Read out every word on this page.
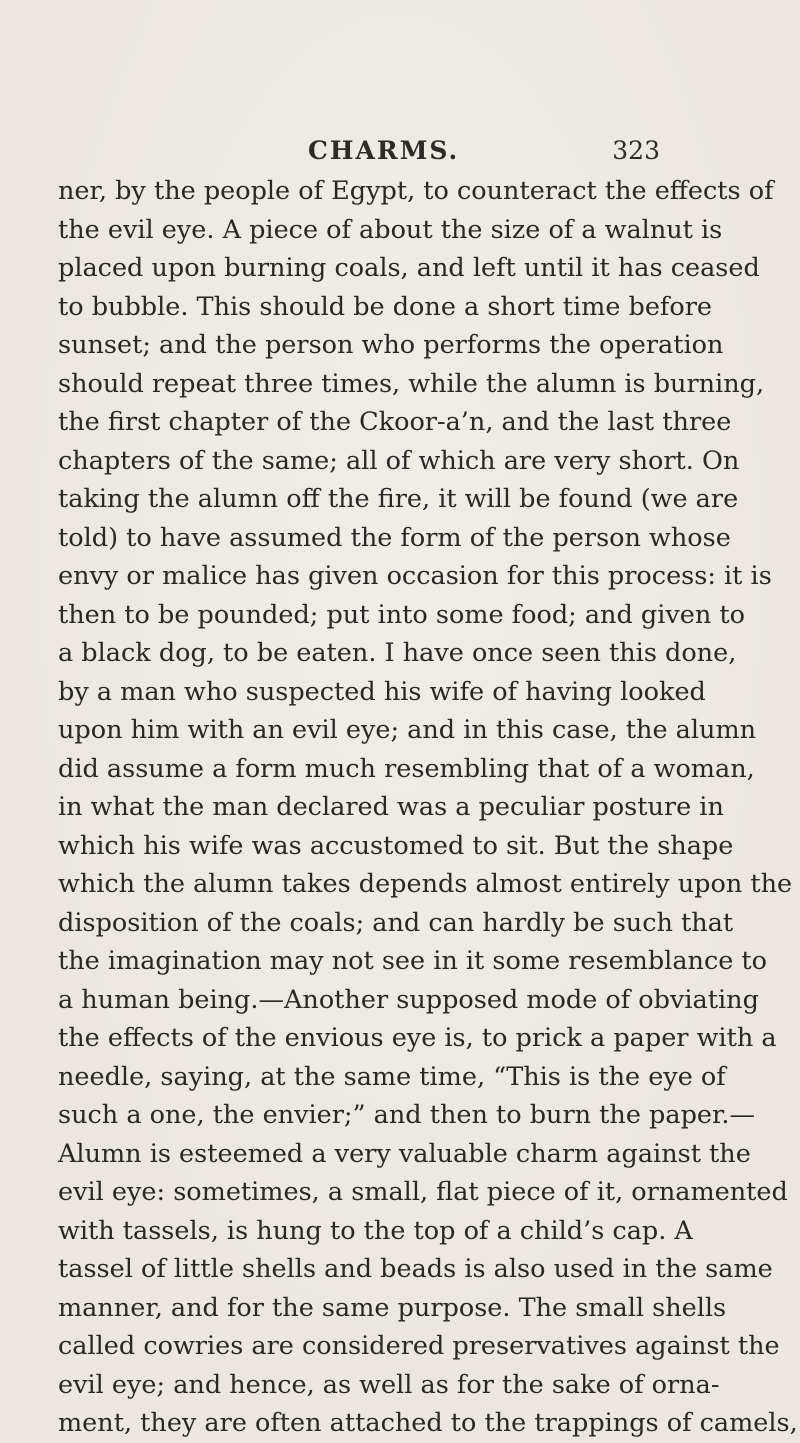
CHARMS.	323
ner, by the people of Egypt, to counteract the effects of
the evil eye. A piece of about the size of a walnut is
placed upon burning coals, and left until it has ceased
to bubble. This should be done a short time before
sunset; and the person who performs the operation
should repeat three times, while the alumn is burning,
the first chapter of the Ckoor-a’n, and the last three
chapters of the same; all of which are very short. On
taking the alumn off the fire, it will be found (we are
told) to have assumed the form of the person whose
envy or malice has given occasion for this process: it is
then to be pounded; put into some food; and given to
a black dog, to be eaten. I have once seen this done,
by a man who suspected his wife of having looked
upon him with an evil eye; and in this case, the alumn
did assume a form much resembling that of a woman,
in what the man declared was a peculiar posture in
which his wife was accustomed to sit. But the shape
which the alumn takes depends almost entirely upon the
disposition of the coals; and can hardly be such that
the imagination may not see in it some resemblance to
a human being.—Another supposed mode of obviating
the effects of the envious eye is, to prick a paper with a
needle, saying, at the same time, “This is the eye of
such a one, the envier;” and then to burn the paper.—
Alumn is esteemed a very valuable charm against the
evil eye: sometimes, a small, flat piece of it, ornamented
with tassels, is hung to the top of a child’s cap. A
tassel of little shells and beads is also used in the same
manner, and for the same purpose. The small shells
called cowries are considered preservatives against the
evil eye; and hence, as well as for the sake of orna-
ment, they are often attached to the trappings of camels,
